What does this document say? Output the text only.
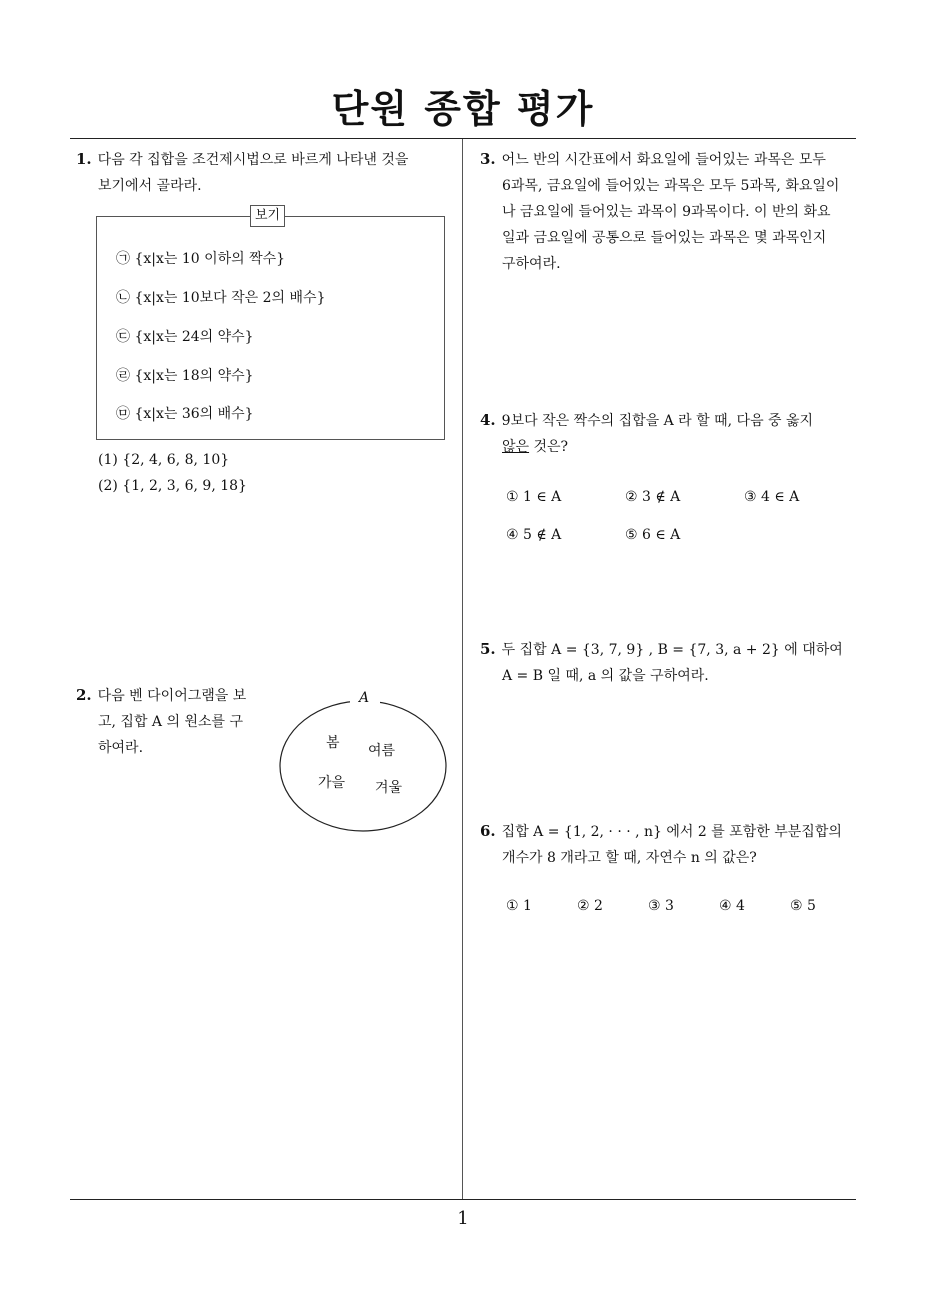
단원 종합 평가
1. 다음 각 집합을 조건제시법으로 바르게 나타낸 것을
보기에서 골라라.
보기
㉠ {x|x는 10 이하의 짝수}
㉡ {x|x는 10보다 작은 2의 배수}
㉢ {x|x는 24의 약수}
㉣ {x|x는 18의 약수}
㉤ {x|x는 36의 배수}
(1) {2, 4, 6, 8, 10}
(2) {1, 2, 3, 6, 9, 18}
2. 다음 벤 다이어그램을 보
고, 집합 A 의 원소를 구
하여라.
A
봄 여름
가을 겨울
3. 어느 반의 시간표에서 화요일에 들어있는 과목은 모두
6과목, 금요일에 들어있는 과목은 모두 5과목, 화요일이
나 금요일에 들어있는 과목이 9과목이다. 이 반의 화요
일과 금요일에 공통으로 들어있는 과목은 몇 과목인지
구하여라.
4. 9보다 작은 짝수의 집합을 A 라 할 때, 다음 중 옳지
않은 것은?
① 1 ∈ A	② 3 ∉ A	③ 4 ∈ A
④ 5 ∉ A	⑤ 6 ∈ A
5. 두 집합 A = {3, 7, 9} , B = {7, 3, a + 2} 에 대하여
A = B 일 때, a 의 값을 구하여라.
6. 집합 A = {1, 2, · · · , n} 에서 2 를 포함한 부분집합의
개수가 8 개라고 할 때, 자연수 n 의 값은?
① 1	② 2	③ 3	④ 4	⑤ 5
1
